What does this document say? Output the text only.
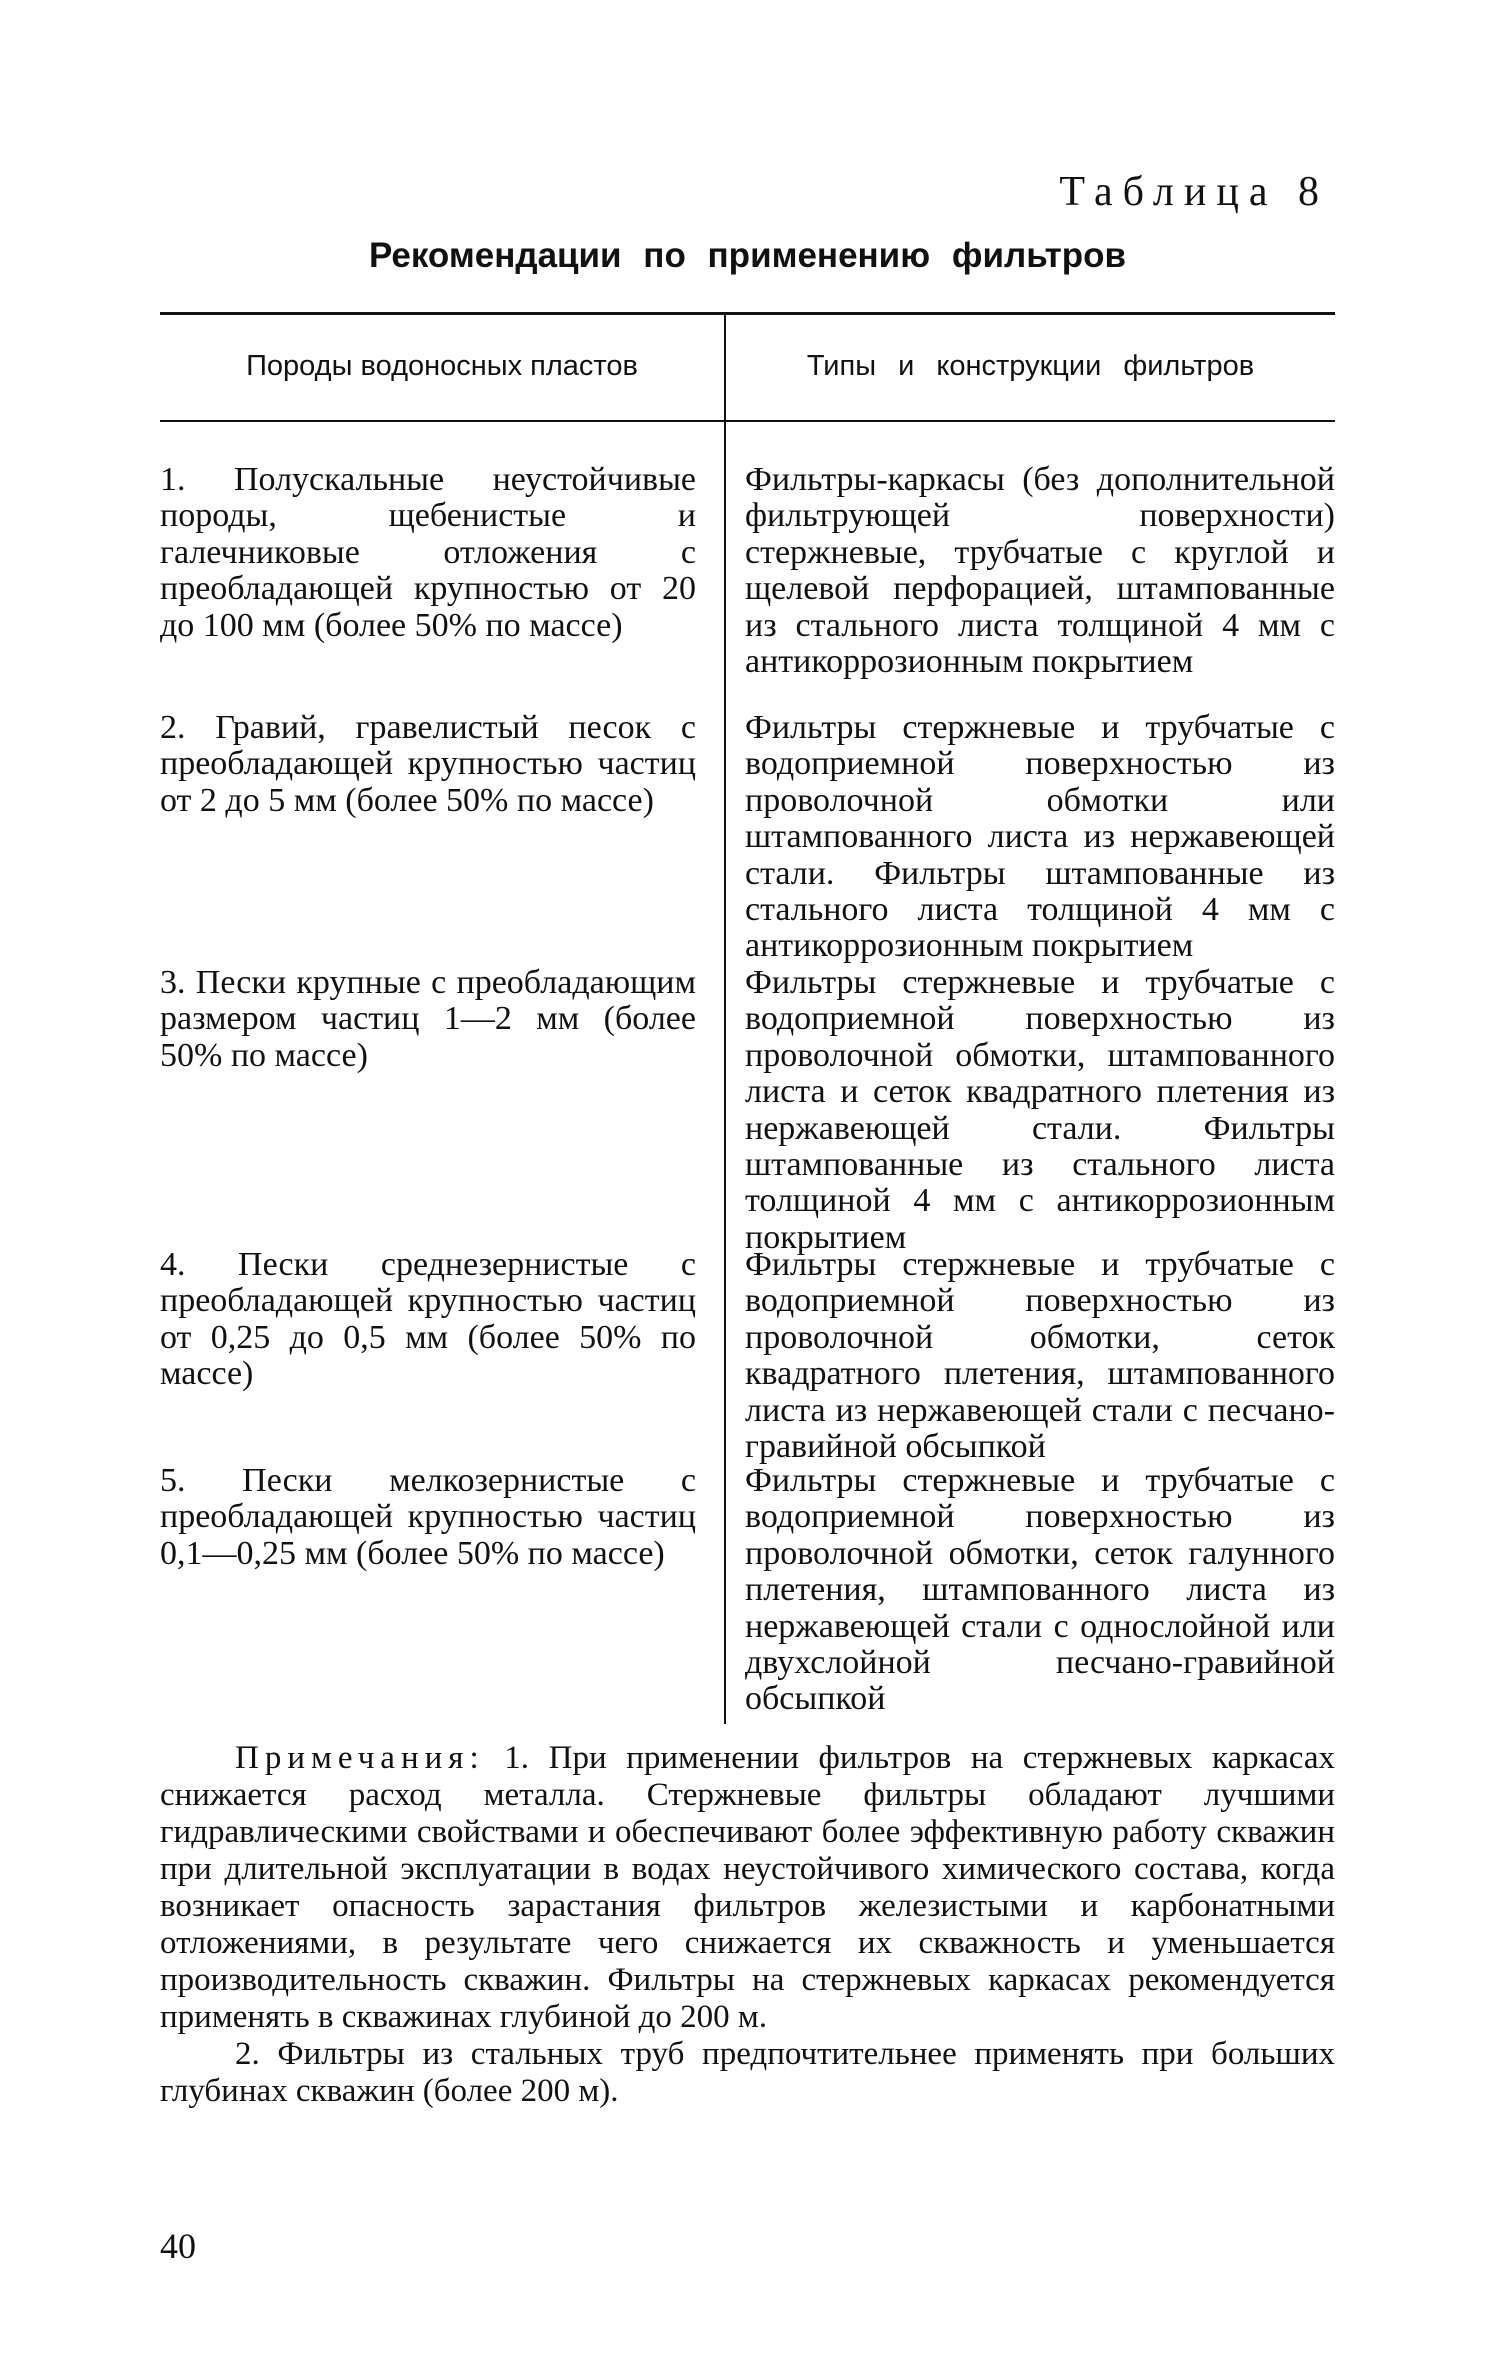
Таблица 8
Рекомендации по применению фильтров
Породы водоносных пластов	Типы и конструкции фильтров
1. Полускальные неустойчивые породы, щебенистые и галечниковые отложения с преобладающей крупностью от 20 до 100 мм (более 50% по массе)
Фильтры-каркасы (без дополнительной фильтрующей поверхности) стержневые, трубчатые с круглой и щелевой перфорацией, штампованные из стального листа толщиной 4 мм с антикоррозионным покрытием
2. Гравий, гравелистый песок с преобладающей крупностью частиц от 2 до 5 мм (более 50% по массе)
Фильтры стержневые и трубчатые с водоприемной поверхностью из проволочной обмотки или штампованного листа из нержавеющей стали. Фильтры штампованные из стального листа толщиной 4 мм с антикоррозионным покрытием
3. Пески крупные с преобладающим размером частиц 1—2 мм (более 50% по массе)
Фильтры стержневые и трубчатые с водоприемной поверхностью из проволочной обмотки, штампованного листа и сеток квадратного плетения из нержавеющей стали. Фильтры штампованные из стального листа толщиной 4 мм с антикоррозионным покрытием
4. Пески среднезернистые с преобладающей крупностью частиц от 0,25 до 0,5 мм (более 50% по массе)
Фильтры стержневые и трубчатые с водоприемной поверхностью из проволочной обмотки, сеток квадратного плетения, штампованного листа из нержавеющей стали с песчано-гравийной обсыпкой
5. Пески мелкозернистые с преобладающей крупностью частиц 0,1—0,25 мм (более 50% по массе)
Фильтры стержневые и трубчатые с водоприемной поверхностью из проволочной обмотки, сеток галунного плетения, штампованного листа из нержавеющей стали с однослойной или двухслойной песчано-гравийной обсыпкой

Примечания: 1. При применении фильтров на стержневых каркасах снижается расход металла. Стержневые фильтры обладают лучшими гидравлическими свойствами и обеспечивают более эффективную работу скважин при длительной эксплуатации в водах неустойчивого химического состава, когда возникает опасность зарастания фильтров железистыми и карбонатными отложениями, в результате чего снижается их скважность и уменьшается производительность скважин. Фильтры на стержневых каркасах рекомендуется применять в скважинах глубиной до 200 м.

2. Фильтры из стальных труб предпочтительнее применять при больших глубинах скважин (более 200 м).

40
